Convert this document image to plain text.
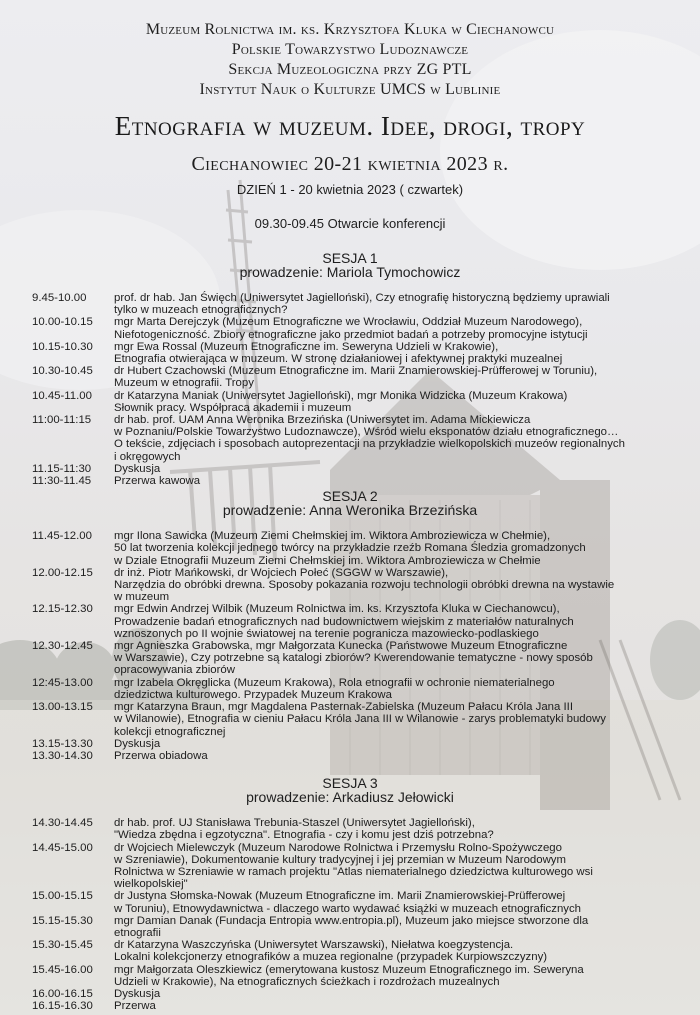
Muzeum Rolnictwa im. ks. Krzysztofa Kluka w Ciechanowcu
Polskie Towarzystwo Ludoznawcze
Sekcja Muzeologiczna przy ZG PTL
Instytut Nauk o Kulturze UMCS w Lublinie
Etnografia w muzeum. Idee, drogi, tropy
Ciechanowiec 20-21 kwietnia 2023 r.
DZIEŃ 1 - 20 kwietnia 2023 ( czwartek)
09.30-09.45 Otwarcie konferencji
SESJA 1
prowadzenie: Mariola Tymochowicz
9.45-10.00	prof. dr hab. Jan Święch (Uniwersytet Jagielloński), Czy etnografię historyczną będziemy uprawiali
tylko w muzeach etnograficznych?
10.00-10.15	mgr Marta Derejczyk (Muzeum Etnograficzne we Wrocławiu, Oddział Muzeum Narodowego),
Niefotogeniczność. Zbiory etnograficzne jako przedmiot badań a potrzeby promocyjne istytucji
10.15-10.30	mgr Ewa Rossal (Muzeum Etnograficzne im. Seweryna Udzieli w Krakowie),
Etnografia otwierająca w muzeum. W stronę działaniowej i afektywnej praktyki muzealnej
10.30-10.45	dr Hubert Czachowski (Muzeum Etnograficzne im. Marii Znamierowskiej-Prüfferowej w Toruniu),
Muzeum w etnografii. Tropy
10.45-11.00	dr Katarzyna Maniak (Uniwersytet Jagielloński), mgr Monika Widzicka (Muzeum Krakowa)
Słownik pracy. Współpraca akademii i muzeum
11:00-11:15	dr hab. prof. UAM Anna Weronika Brzezińska (Uniwersytet im. Adama Mickiewicza
w Poznaniu/Polskie Towarzystwo Ludoznawcze), Wśród wielu eksponatów działu etnograficznego…
O tekście, zdjęciach i sposobach autoprezentacji na przykładzie wielkopolskich muzeów regionalnych
i okręgowych
11.15-11:30	Dyskusja
11:30-11.45	Przerwa kawowa
SESJA 2
prowadzenie: Anna Weronika Brzezińska
11.45-12.00	mgr Ilona Sawicka (Muzeum Ziemi Chełmskiej im. Wiktora Ambroziewicza w Chełmie),
50 lat tworzenia kolekcji jednego twórcy na przykładzie rzeźb Romana Śledzia gromadzonych
w Dziale Etnografii Muzeum Ziemi Chełmskiej im. Wiktora Ambroziewicza w Chełmie
12.00-12.15	dr inż. Piotr Mańkowski, dr Wojciech Połeć (SGGW w Warszawie),
Narzędzia do obróbki drewna. Sposoby pokazania rozwoju technologii obróbki drewna na wystawie
w muzeum
12.15-12.30	mgr Edwin Andrzej Wilbik (Muzeum Rolnictwa im. ks. Krzysztofa Kluka w Ciechanowcu),
Prowadzenie badań etnograficznych nad budownictwem wiejskim z materiałów naturalnych
wznoszonych po II wojnie światowej na terenie pogranicza mazowiecko-podlaskiego
12.30-12.45	mgr Agnieszka Grabowska, mgr Małgorzata Kunecka (Państwowe Muzeum Etnograficzne
w Warszawie), Czy potrzebne są katalogi zbiorów? Kwerendowanie tematyczne - nowy sposób
opracowywania zbiorów
12:45-13.00	mgr Izabela Okręglicka (Muzeum Krakowa), Rola etnografii w ochronie niematerialnego
dziedzictwa kulturowego. Przypadek Muzeum Krakowa
13.00-13.15	mgr Katarzyna Braun, mgr Magdalena Pasternak-Zabielska (Muzeum Pałacu Króla Jana III
w Wilanowie), Etnografia w cieniu Pałacu Króla Jana III w Wilanowie - zarys problematyki budowy
kolekcji etnograficznej
13.15-13.30	Dyskusja
13.30-14.30	Przerwa obiadowa
SESJA 3
prowadzenie: Arkadiusz Jełowicki
14.30-14.45	dr hab. prof. UJ Stanisława Trebunia-Staszel (Uniwersytet Jagielloński),
"Wiedza zbędna i egzotyczna". Etnografia - czy i komu jest dziś potrzebna?
14.45-15.00	dr Wojciech Mielewczyk (Muzeum Narodowe Rolnictwa i Przemysłu Rolno-Spożywczego
w Szreniawie), Dokumentowanie kultury tradycyjnej i jej przemian w Muzeum Narodowym
Rolnictwa w Szreniawie w ramach projektu "Atlas niematerialnego dziedzictwa kulturowego wsi
wielkopolskiej"
15.00-15.15	dr Justyna Słomska-Nowak (Muzeum Etnograficzne im. Marii Znamierowskiej-Prüfferowej
w Toruniu), Etnowydawnictwa - dlaczego warto wydawać książki w muzeach etnograficznych
15.15-15.30	mgr Damian Danak (Fundacja Entropia www.entropia.pl), Muzeum jako miejsce stworzone dla
etnografii
15.30-15.45	dr Katarzyna Waszczyńska (Uniwersytet Warszawski), Niełatwa koegzystencja.
Lokalni kolekcjonerzy etnografików a muzea regionalne (przypadek Kurpiowszczyzny)
15.45-16.00	mgr Małgorzata Oleszkiewicz (emerytowana kustosz Muzeum Etnograficznego im. Seweryna
Udzieli w Krakowie), Na etnograficznych ścieżkach i rozdrożach muzealnych
16.00-16.15	Dyskusja
16.15-16.30	Przerwa
